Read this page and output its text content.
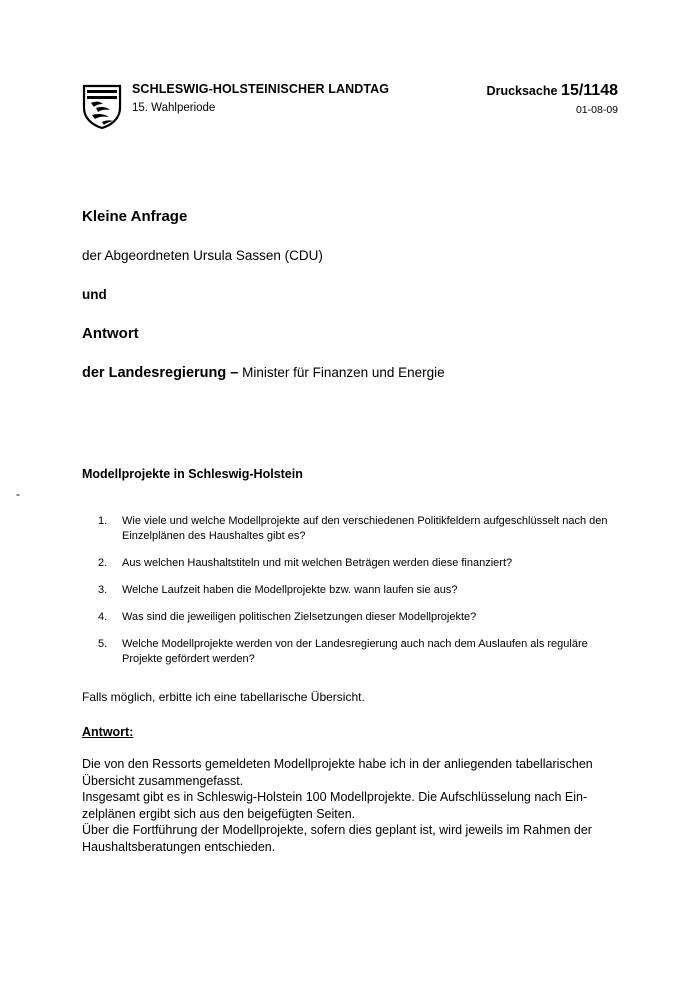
SCHLESWIG-HOLSTEINISCHER LANDTAG
15. Wahlperiode
Drucksache 15/1148
01-08-09
Kleine Anfrage
der Abgeordneten Ursula Sassen (CDU)
und
Antwort
der Landesregierung – Minister für Finanzen und Energie
-
Modellprojekte in Schleswig-Holstein
1.	Wie viele und welche Modellprojekte auf den verschiedenen Politikfeldern aufgeschlüsselt nach den Einzelplänen des Haushaltes gibt es?
2.	Aus welchen Haushaltstiteln und mit welchen Beträgen werden diese finanziert?
3.	Welche Laufzeit haben die Modellprojekte bzw. wann laufen sie aus?
4.	Was sind die jeweiligen politischen Zielsetzungen dieser Modellprojekte?
5.	Welche Modellprojekte werden von der Landesregierung auch nach dem Auslaufen als reguläre Projekte gefördert werden?
Falls möglich, erbitte ich eine tabellarische Übersicht.
Antwort:

Die von den Ressorts gemeldeten Modellprojekte habe ich in der anliegenden tabellarischen Übersicht zusammengefasst.

Insgesamt gibt es in Schleswig-Holstein 100 Modellprojekte. Die Aufschlüsselung nach Ein-zelplänen ergibt sich aus den beigefügten Seiten.

Über die Fortführung der Modellprojekte, sofern dies geplant ist, wird jeweils im Rahmen der Haushaltsberatungen entschieden.
